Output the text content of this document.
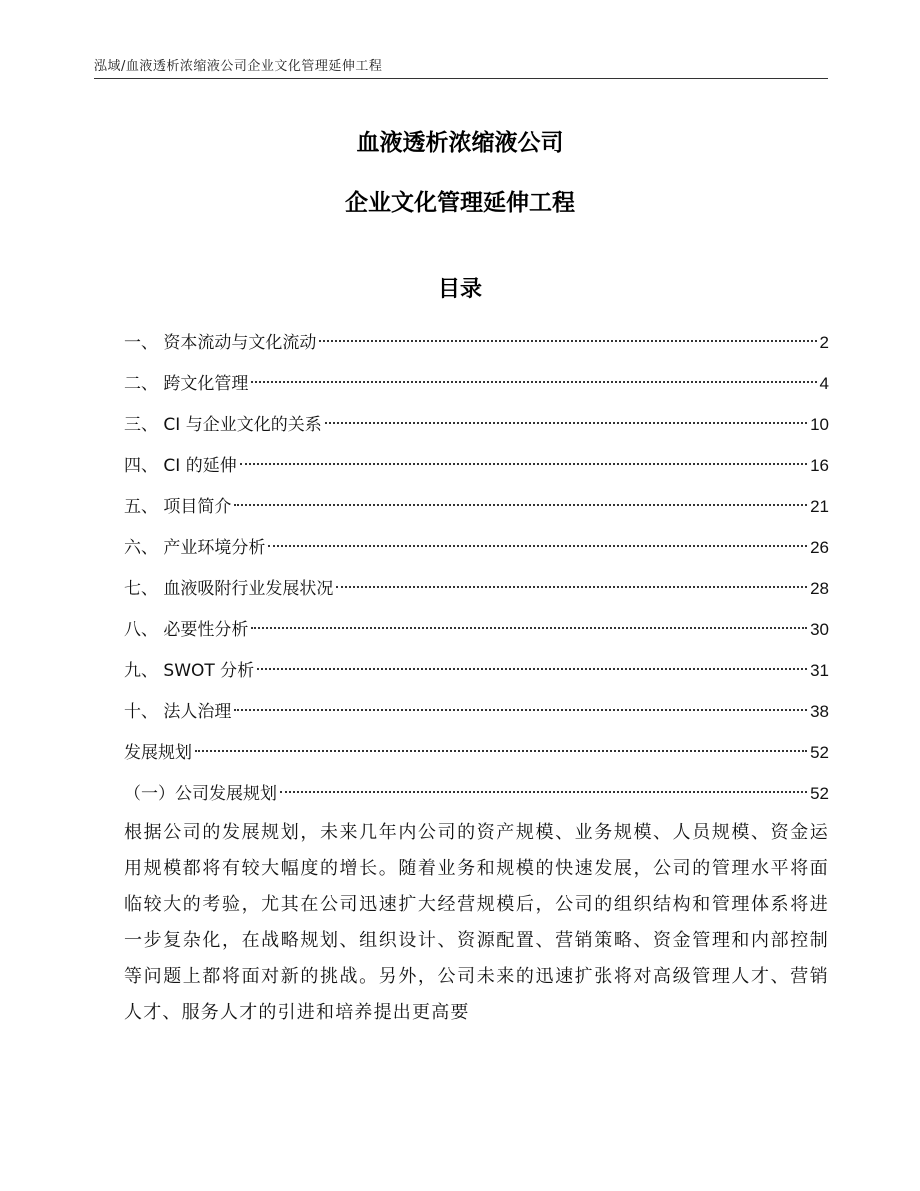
泓域/血液透析浓缩液公司企业文化管理延伸工程
血液透析浓缩液公司
企业文化管理延伸工程
目录
一、 资本流动与文化流动	2
二、 跨文化管理	4
三、 CI 与企业文化的关系	10
四、 CI 的延伸	16
五、 项目简介	21
六、 产业环境分析	26
七、 血液吸附行业发展状况	28
八、 必要性分析	30
九、 SWOT 分析	31
十、 法人治理	38
发展规划	52
（一）公司发展规划	52

根据公司的发展规划，未来几年内公司的资产规模、业务规模、人员规模、资金运用规模都将有较大幅度的增长。随着业务和规模的快速发展，公司的管理水平将面临较大的考验，尤其在公司迅速扩大经营规模后，公司的组织结构和管理体系将进一步复杂化，在战略规划、组织设计、资源配置、营销策略、资金管理和内部控制等问题上都将面对新的挑战。另外，公司未来的迅速扩张将对高级管理人才、营销人才、服务人才的引进和培养提出更高要
